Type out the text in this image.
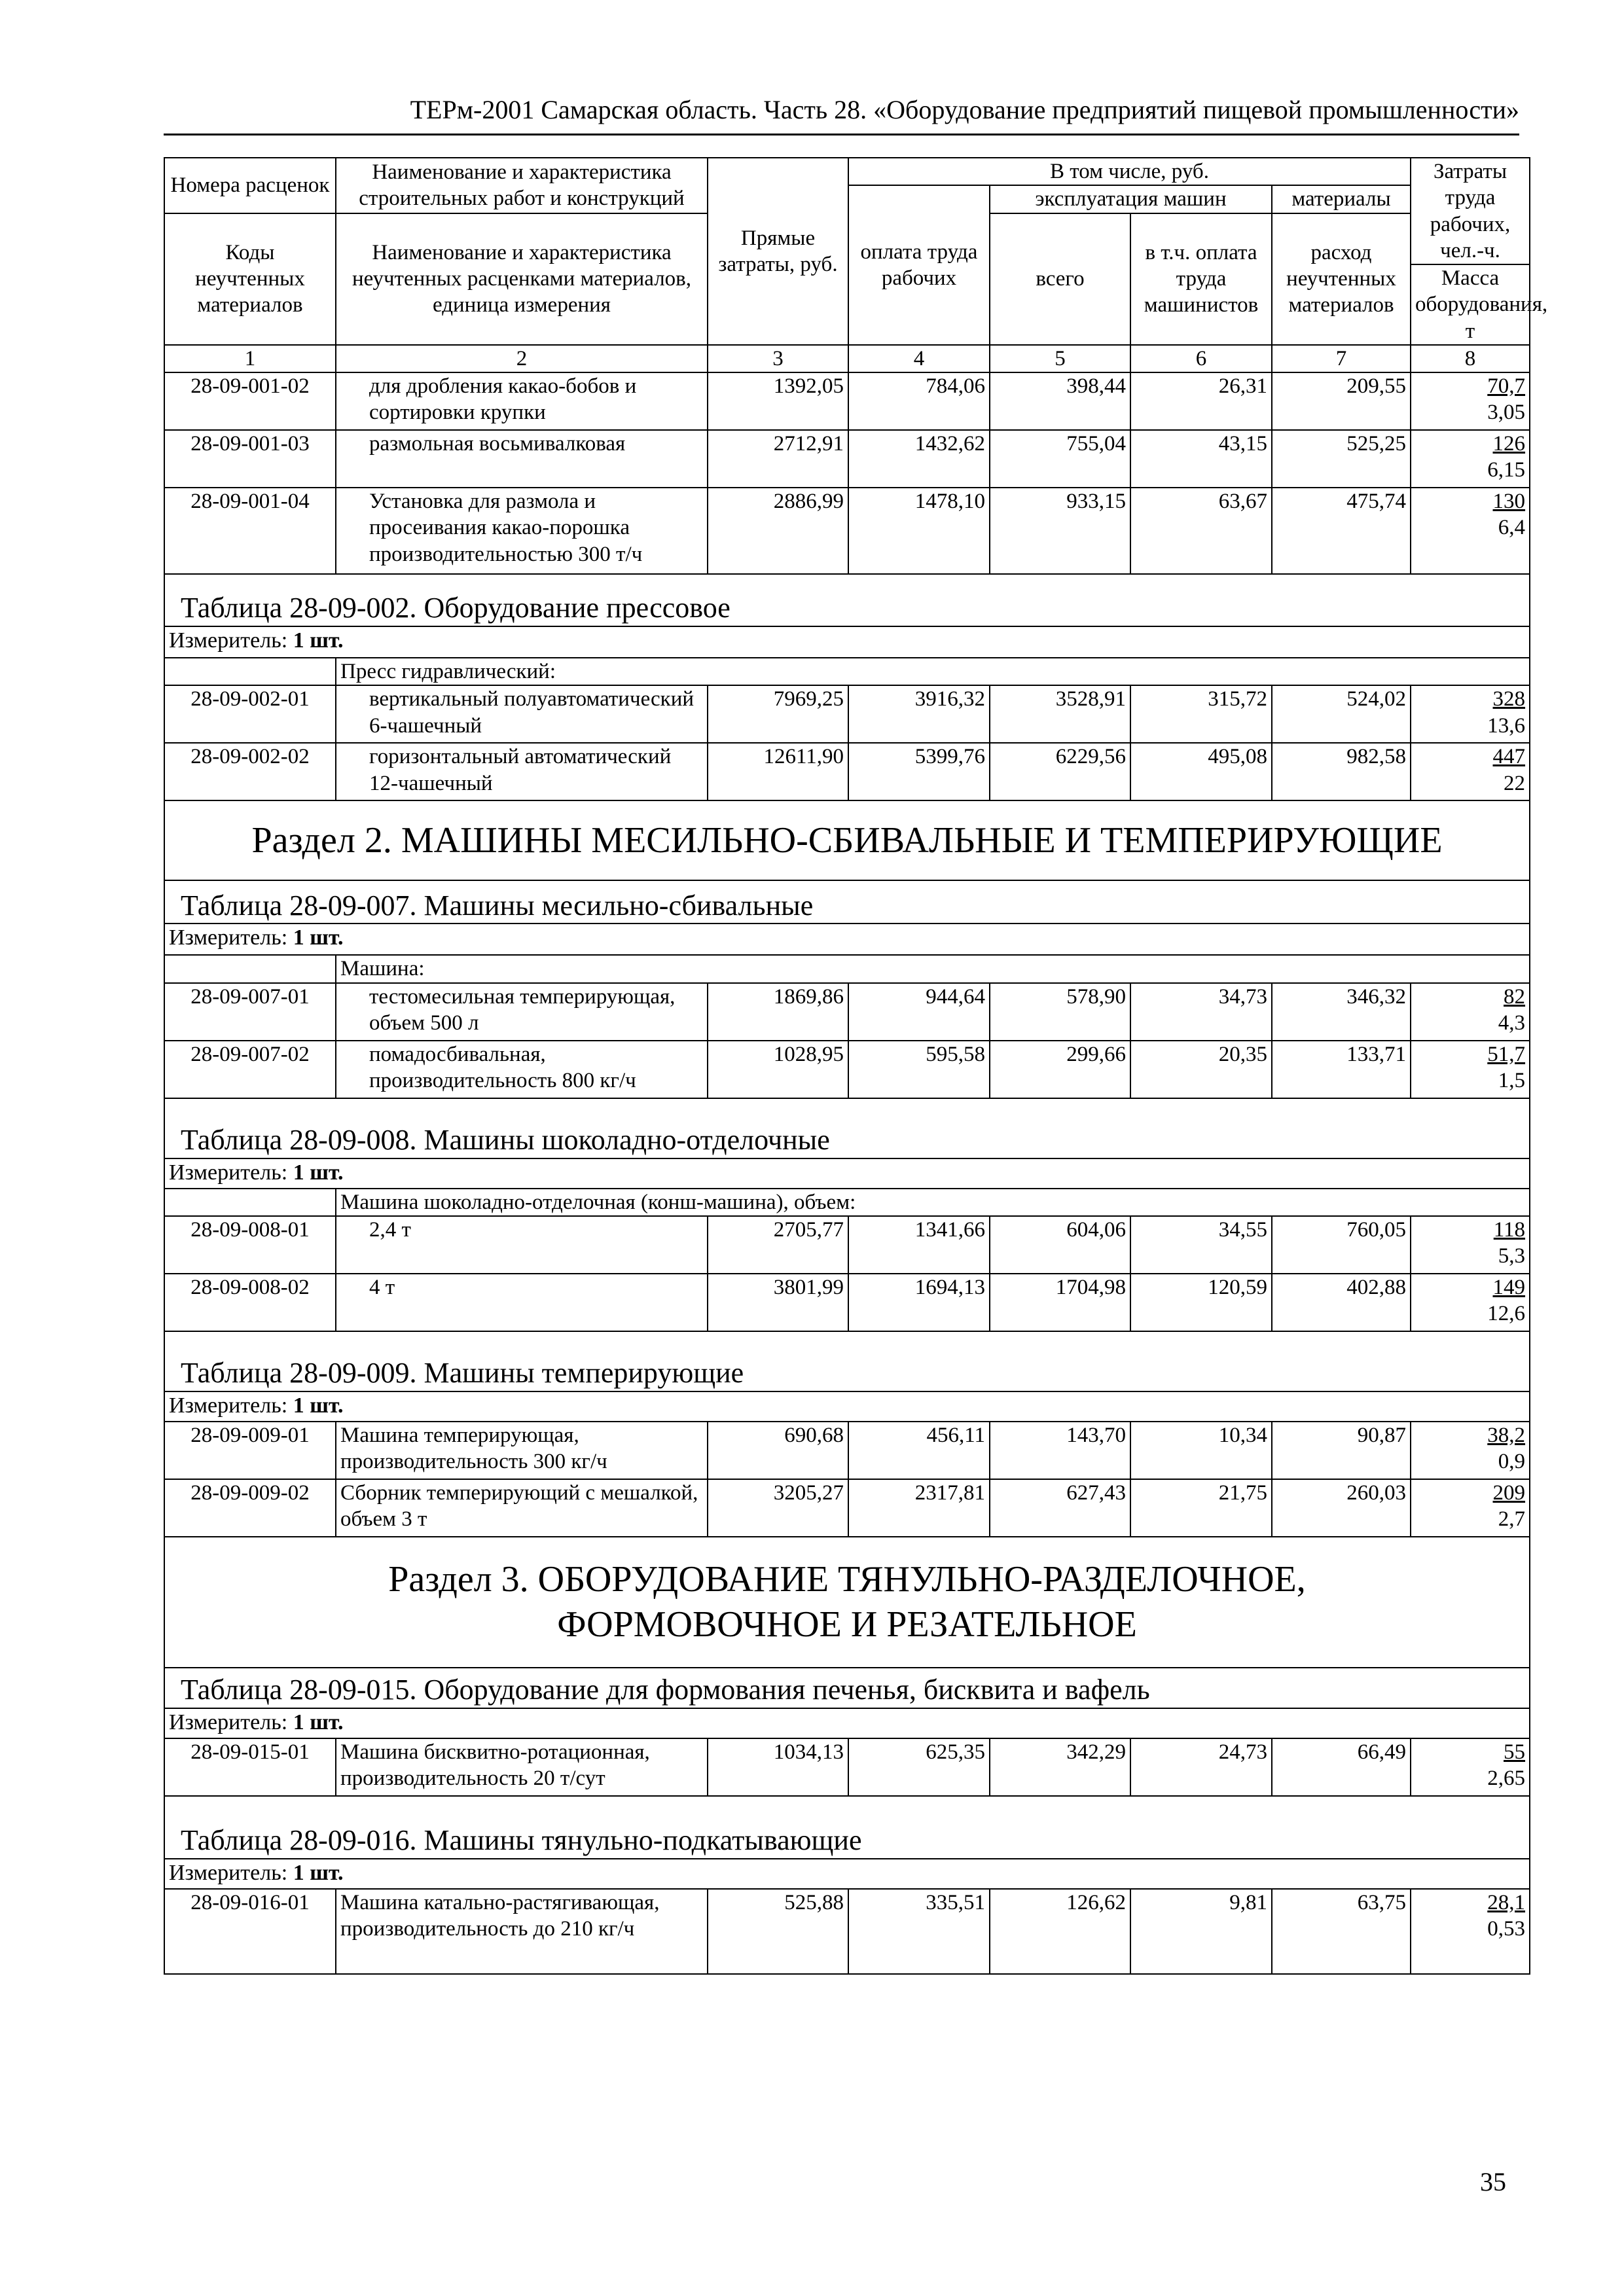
ТЕРм-2001 Самарская область. Часть 28. «Оборудование предприятий пищевой промышленности»
Номера расценок	Наименование и характеристика строительных работ и конструкций	Прямые затраты, руб.	В том числе, руб.				Затраты труда рабочих, чел.-ч.
			оплата труда рабочих	эксплуатация машин		материалы	
Коды неучтенных материалов	Наименование и характеристика неучтенных расценками материалов, единица измерения			всего	в т.ч. оплата труда машинистов	расход неучтенных материалов	
							Масса оборудования, т
1	2	3	4	5	6	7	8
28-09-001-02	для дробления какао-бобов и сортировки крупки	1392,05	784,06	398,44	26,31	209,55	70,7
3,05
28-09-001-03	размольная восьмивалковая	2712,91	1432,62	755,04	43,15	525,25	126
6,15
28-09-001-04	Установка для размола и просеивания какао-порошка производительностью 300 т/ч	2886,99	1478,10	933,15	63,67	475,74	130
6,4
Таблица 28-09-002. Оборудование прессовое							
Измеритель: 1 шт.							
	Пресс гидравлический:						
28-09-002-01	вертикальный полуавтоматический 6-чашечный	7969,25	3916,32	3528,91	315,72	524,02	328
13,6
28-09-002-02	горизонтальный автоматический 12-чашечный	12611,90	5399,76	6229,56	495,08	982,58	447
22
Раздел 2. МАШИНЫ МЕСИЛЬНО-СБИВАЛЬНЫЕ И ТЕМПЕРИРУЮЩИЕ							
Таблица 28-09-007. Машины месильно-сбивальные							
Измеритель: 1 шт.							
	Машина:						
28-09-007-01	тестомесильная темперирующая, объем 500 л	1869,86	944,64	578,90	34,73	346,32	82
4,3
28-09-007-02	помадосбивальная, производительность 800 кг/ч	1028,95	595,58	299,66	20,35	133,71	51,7
1,5
Таблица 28-09-008. Машины шоколадно-отделочные							
Измеритель: 1 шт.							
	Машина шоколадно-отделочная (конш-машина), объем:						
28-09-008-01	2,4 т	2705,77	1341,66	604,06	34,55	760,05	118
5,3
28-09-008-02	4 т	3801,99	1694,13	1704,98	120,59	402,88	149
12,6
Таблица 28-09-009. Машины темперирующие							
Измеритель: 1 шт.							
28-09-009-01	Машина темперирующая, производительность 300 кг/ч	690,68	456,11	143,70	10,34	90,87	38,2
0,9
28-09-009-02	Сборник темперирующий с мешалкой, объем 3 т	3205,27	2317,81	627,43	21,75	260,03	209
2,7
Раздел 3. ОБОРУДОВАНИЕ ТЯНУЛЬНО-РАЗДЕЛОЧНОЕ,
ФОРМОВОЧНОЕ И РЕЗАТЕЛЬНОЕ							
Таблица 28-09-015. Оборудование для формования печенья, бисквита и вафель							
Измеритель: 1 шт.							
28-09-015-01	Машина бисквитно-ротационная, производительность 20 т/сут	1034,13	625,35	342,29	24,73	66,49	55
2,65
Таблица 28-09-016. Машины тянульно-подкатывающие							
Измеритель: 1 шт.							
28-09-016-01	Машина катально-растягивающая, производительность до 210 кг/ч	525,88	335,51	126,62	9,81	63,75	28,1
0,53
35
